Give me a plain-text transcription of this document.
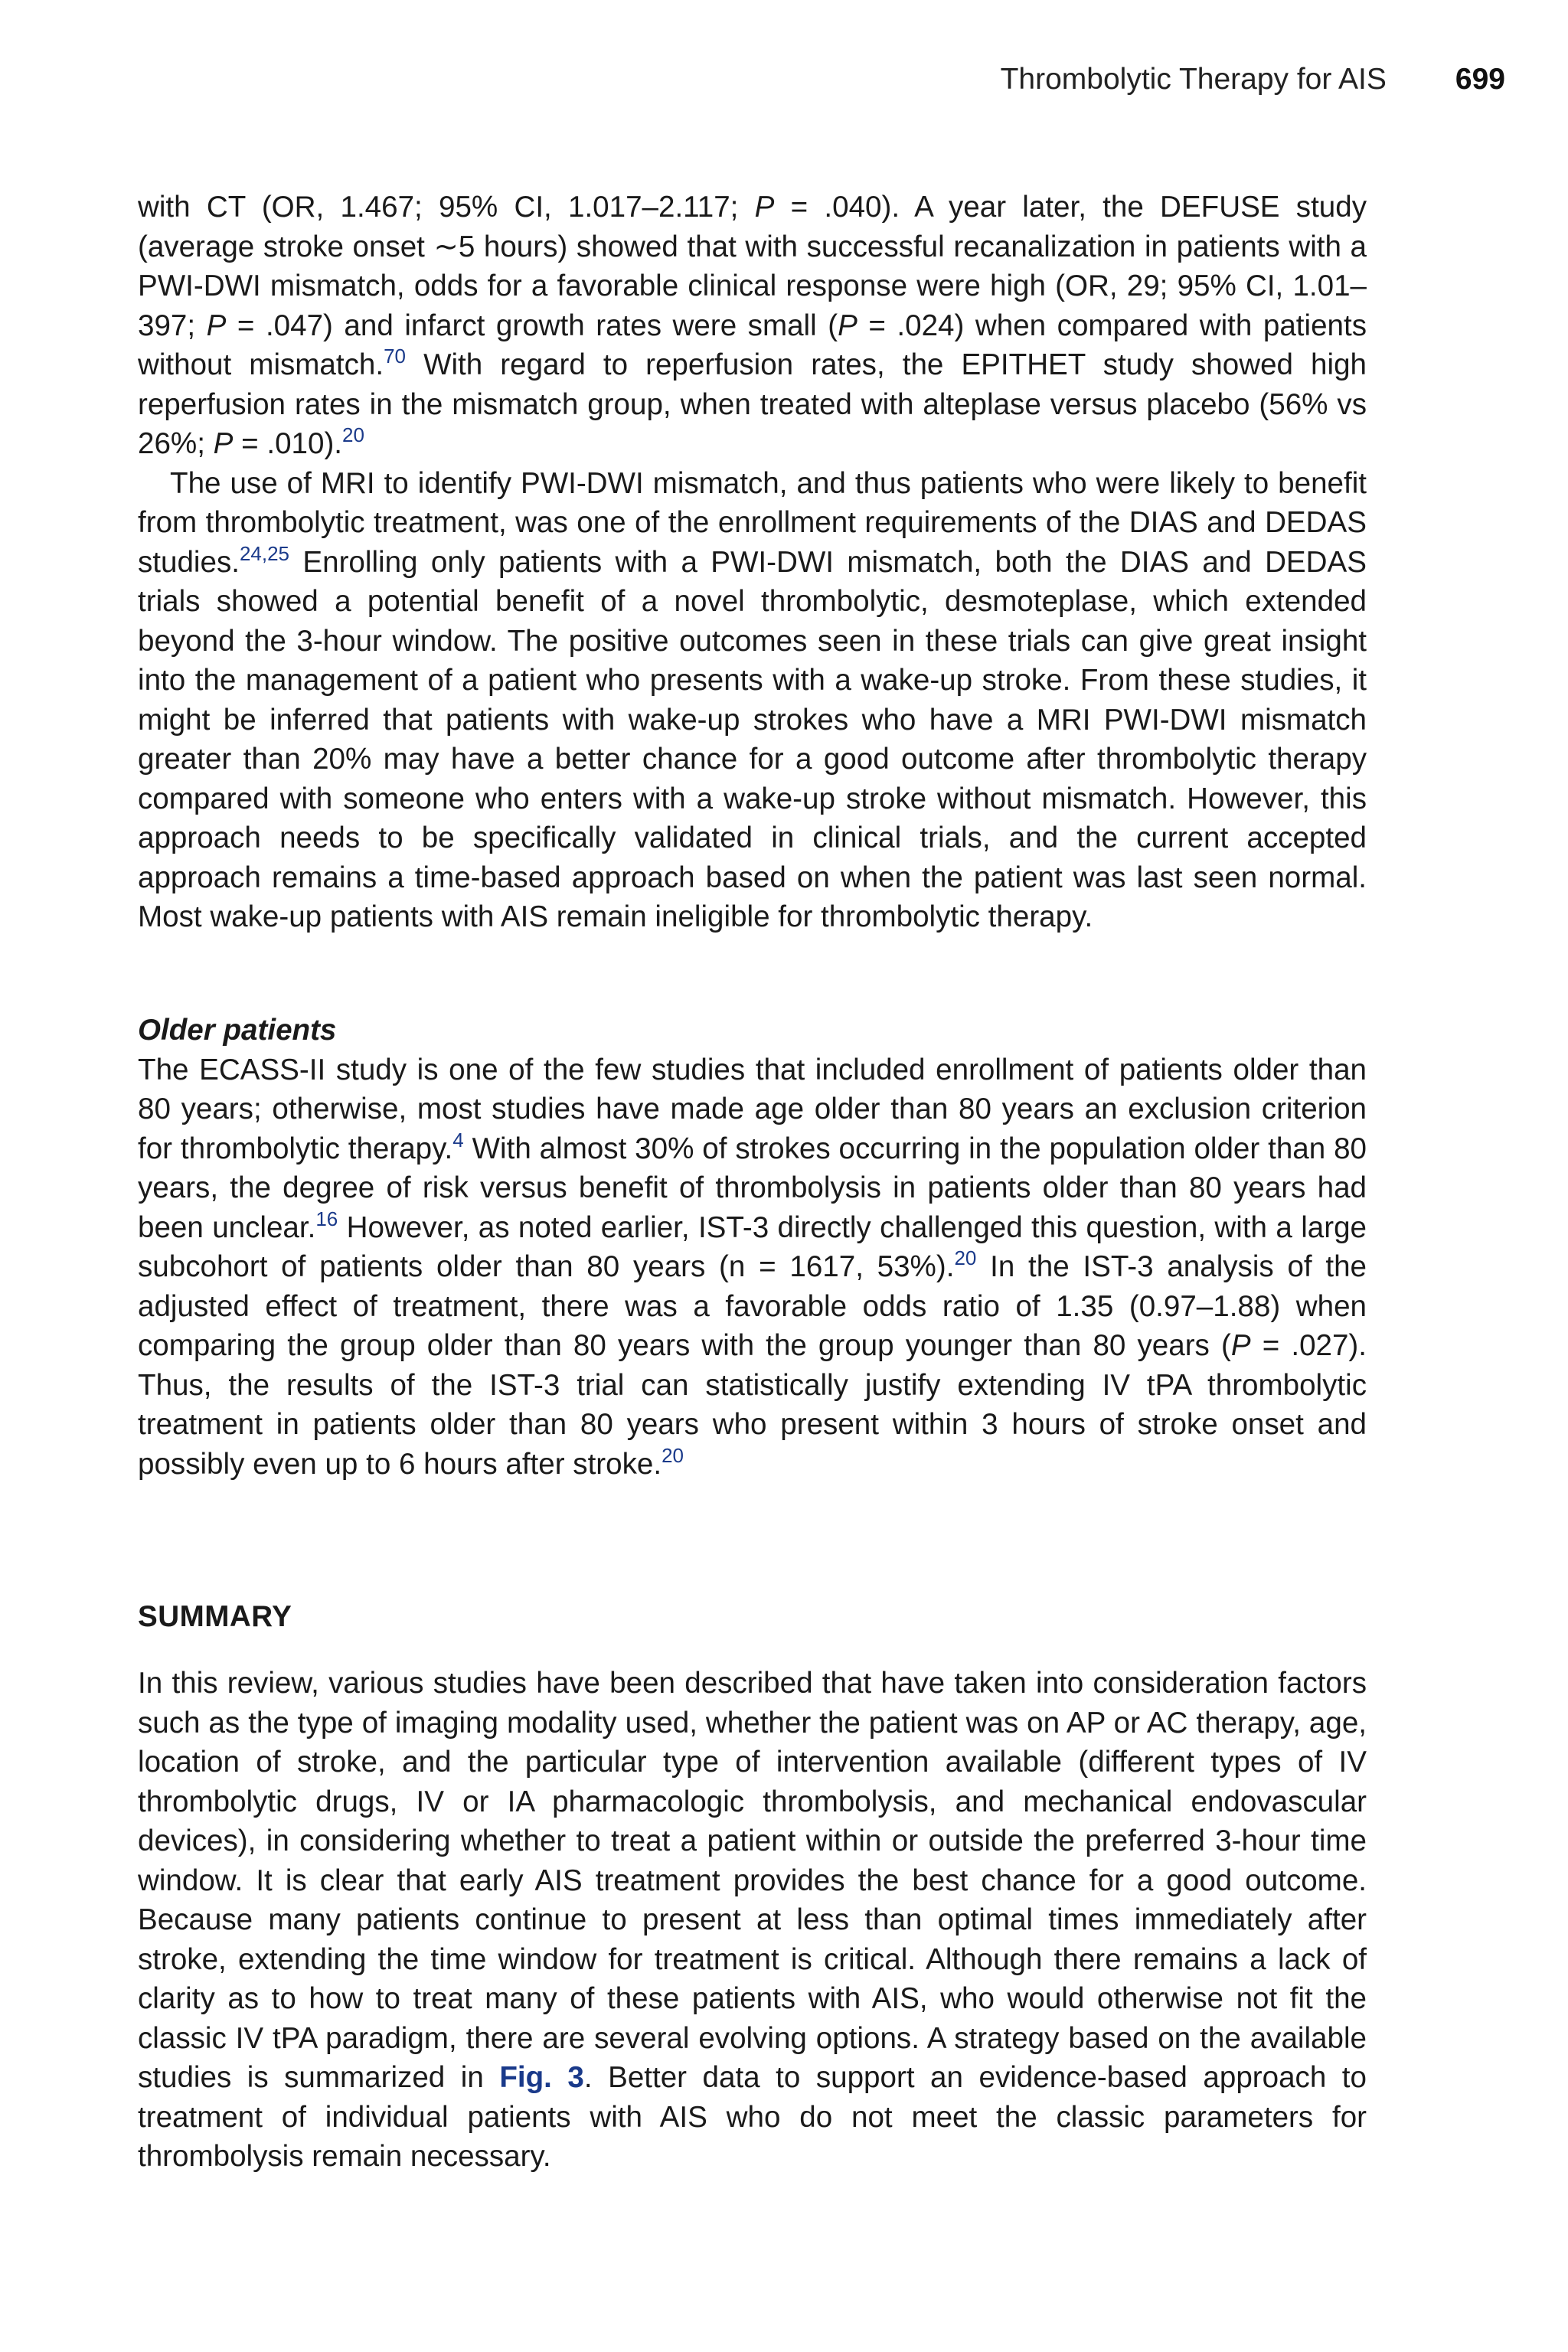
Thrombolytic Therapy for AIS 699

with CT (OR, 1.467; 95% CI, 1.017–2.117; P = .040). A year later, the DEFUSE study (average stroke onset ∼5 hours) showed that with successful recanalization in patients with a PWI-DWI mismatch, odds for a favorable clinical response were high (OR, 29; 95% CI, 1.01–397; P = .047) and infarct growth rates were small (P = .024) when compared with patients without mismatch.$^{70}$ With regard to reperfusion rates, the EPITHET study showed high reperfusion rates in the mismatch group, when treated with alteplase versus placebo (56% vs 26%; P = .010).$^{20}$

The use of MRI to identify PWI-DWI mismatch, and thus patients who were likely to benefit from thrombolytic treatment, was one of the enrollment requirements of the DIAS and DEDAS studies.$^{24,25}$ Enrolling only patients with a PWI-DWI mismatch, both the DIAS and DEDAS trials showed a potential benefit of a novel thrombolytic, desmoteplase, which extended beyond the 3-hour window. The positive outcomes seen in these trials can give great insight into the management of a patient who presents with a wake-up stroke. From these studies, it might be inferred that patients with wake-up strokes who have a MRI PWI-DWI mismatch greater than 20% may have a better chance for a good outcome after thrombolytic therapy compared with someone who enters with a wake-up stroke without mismatch. However, this approach needs to be specifically validated in clinical trials, and the current accepted approach remains a time-based approach based on when the patient was last seen normal. Most wake-up patients with AIS remain ineligible for thrombolytic therapy.

Older patients

The ECASS-II study is one of the few studies that included enrollment of patients older than 80 years; otherwise, most studies have made age older than 80 years an exclusion criterion for thrombolytic therapy.$^4$ With almost 30% of strokes occurring in the population older than 80 years, the degree of risk versus benefit of thrombolysis in patients older than 80 years had been unclear.$^{16}$ However, as noted earlier, IST-3 directly challenged this question, with a large subcohort of patients older than 80 years (n = 1617, 53%).$^{20}$ In the IST-3 analysis of the adjusted effect of treatment, there was a favorable odds ratio of 1.35 (0.97–1.88) when comparing the group older than 80 years with the group younger than 80 years (P = .027). Thus, the results of the IST-3 trial can statistically justify extending IV tPA thrombolytic treatment in patients older than 80 years who present within 3 hours of stroke onset and possibly even up to 6 hours after stroke.$^{20}$

SUMMARY

In this review, various studies have been described that have taken into consideration factors such as the type of imaging modality used, whether the patient was on AP or AC therapy, age, location of stroke, and the particular type of intervention available (different types of IV thrombolytic drugs, IV or IA pharmacologic thrombolysis, and mechanical endovascular devices), in considering whether to treat a patient within or outside the preferred 3-hour time window. It is clear that early AIS treatment provides the best chance for a good outcome. Because many patients continue to present at less than optimal times immediately after stroke, extending the time window for treatment is critical. Although there remains a lack of clarity as to how to treat many of these patients with AIS, who would otherwise not fit the classic IV tPA paradigm, there are several evolving options. A strategy based on the available studies is summarized in Fig. 3. Better data to support an evidence-based approach to treatment of individual patients with AIS who do not meet the classic parameters for thrombolysis remain necessary.
